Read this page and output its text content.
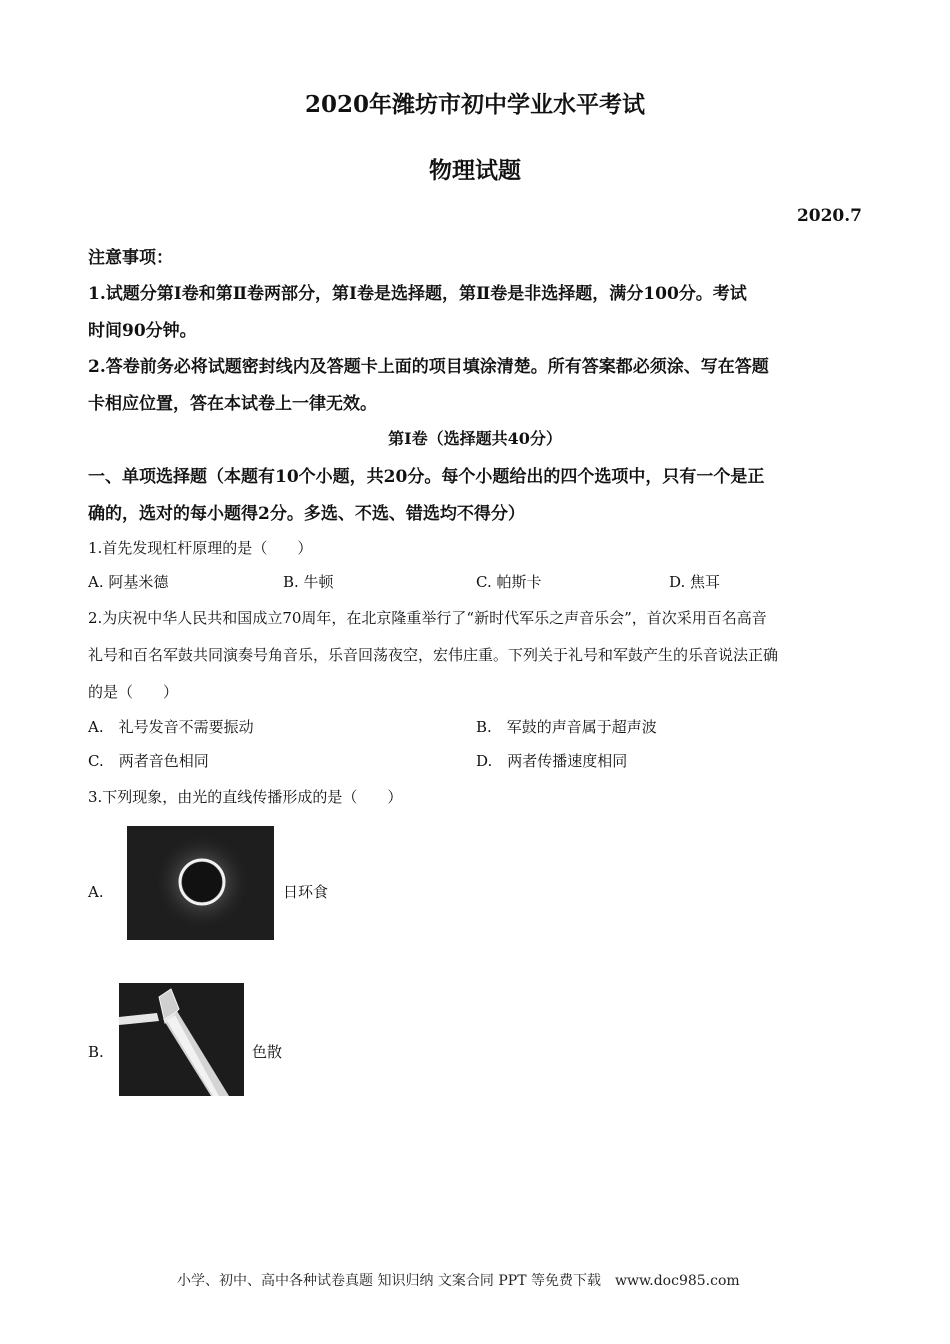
2020年潍坊市初中学业水平考试
物理试题
2020.7
注意事项：
1.试题分第Ⅰ卷和第Ⅱ卷两部分，第Ⅰ卷是选择题，第Ⅱ卷是非选择题，满分100分。考试
时间90分钟。
2.答卷前务必将试题密封线内及答题卡上面的项目填涂清楚。所有答案都必须涂、写在答题
卡相应位置，答在本试卷上一律无效。
第Ⅰ卷（选择题共40分）
一、单项选择题（本题有10个小题，共20分。每个小题给出的四个选项中，只有一个是正
确的，选对的每小题得2分。多选、不选、错选均不得分）
1.首先发现杠杆原理的是（　　）
A. 阿基米德	B. 牛顿	C. 帕斯卡	D. 焦耳
2.为庆祝中华人民共和国成立70周年，在北京隆重举行了“新时代军乐之声音乐会”，首次采用百名高音
礼号和百名军鼓共同演奏号角音乐，乐音回荡夜空，宏伟庄重。下列关于礼号和军鼓产生的乐音说法正确
的是（　　）
A.　礼号发音不需要振动	B.　军鼓的声音属于超声波
C.　两者音色相同	D.　两者传播速度相同
3.下列现象，由光的直线传播形成的是（　　）
A.	日环食
B.	色散
小学、初中、高中各种试卷真题 知识归纳 文案合同 PPT 等免费下载　www.doc985.com
